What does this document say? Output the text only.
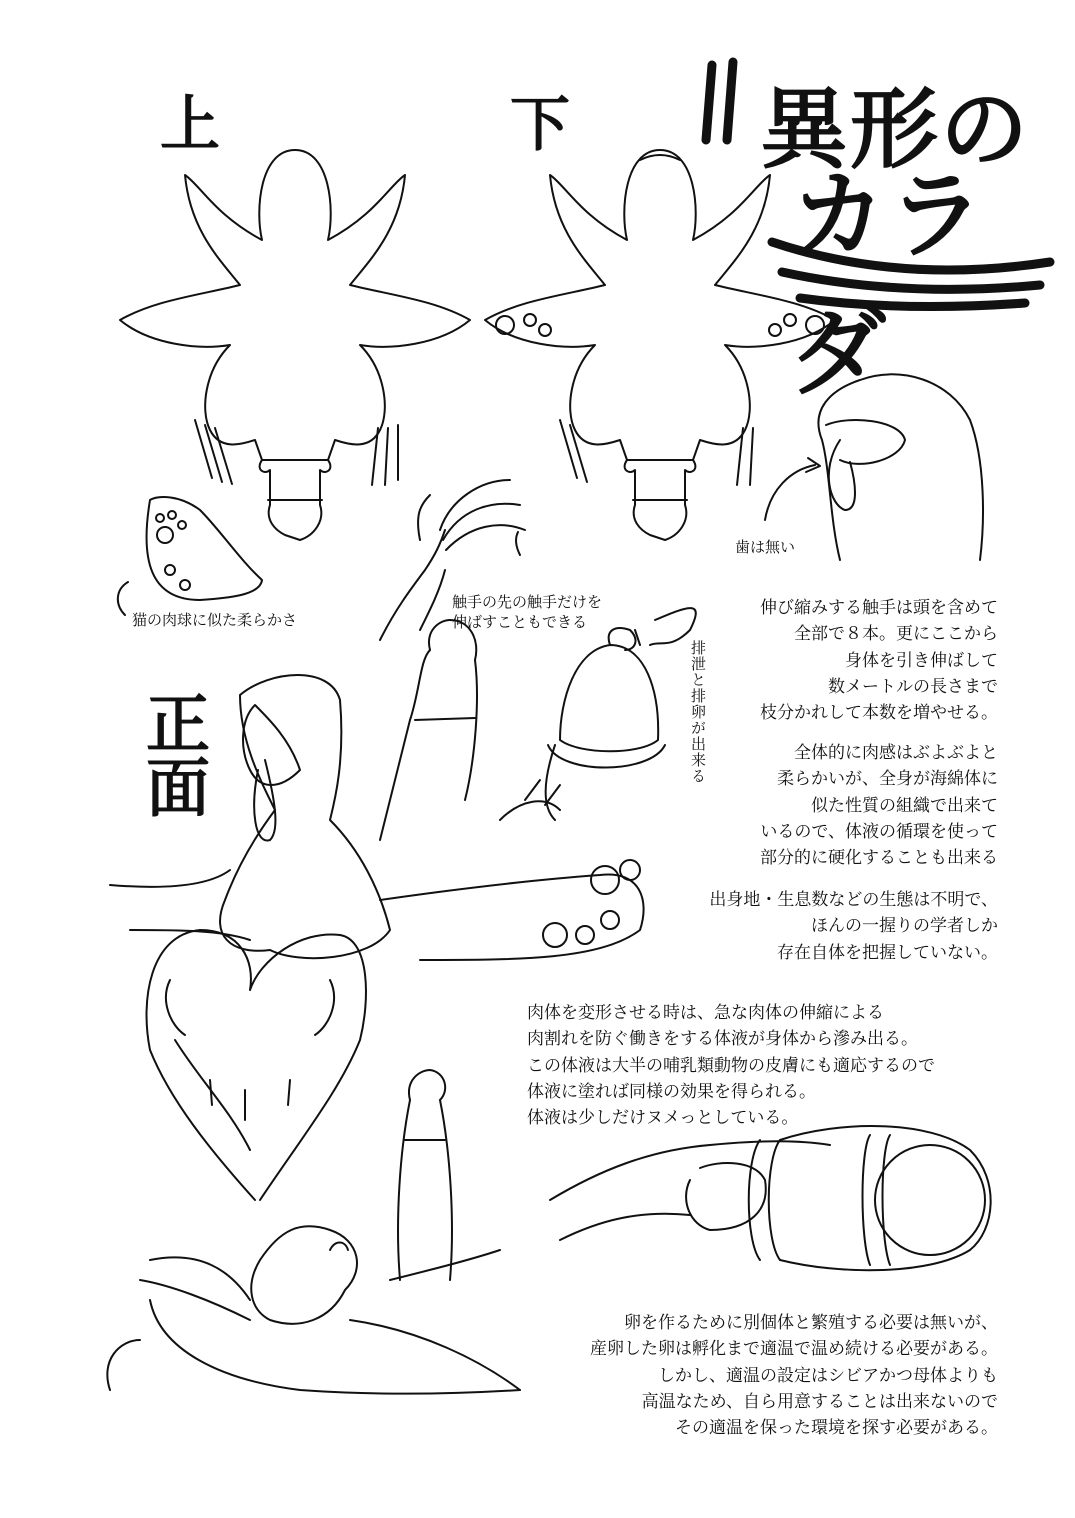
異形の
カラダ
上	下
正面
猫の肉球に似た柔らかさ
触手の先の触手だけを
伸ばすこともできる
歯は無い
排泄と排卵が出来る
伸び縮みする触手は頭を含めて
全部で８本。更にここから
身体を引き伸ばして
数メートルの長さまで
枝分かれして本数を増やせる。
全体的に肉感はぶよぶよと
柔らかいが、全身が海綿体に
似た性質の組織で出来て
いるので、体液の循環を使って
部分的に硬化することも出来る
出身地・生息数などの生態は不明で、
ほんの一握りの学者しか
存在自体を把握していない。
肉体を変形させる時は、急な肉体の伸縮による
肉割れを防ぐ働きをする体液が身体から滲み出る。
この体液は大半の哺乳類動物の皮膚にも適応するので
体液に塗れば同様の効果を得られる。
体液は少しだけヌメっとしている。
卵を作るために別個体と繁殖する必要は無いが、
産卵した卵は孵化まで適温で温め続ける必要がある。
しかし、適温の設定はシビアかつ母体よりも
高温なため、自ら用意することは出来ないので
その適温を保った環境を探す必要がある。
